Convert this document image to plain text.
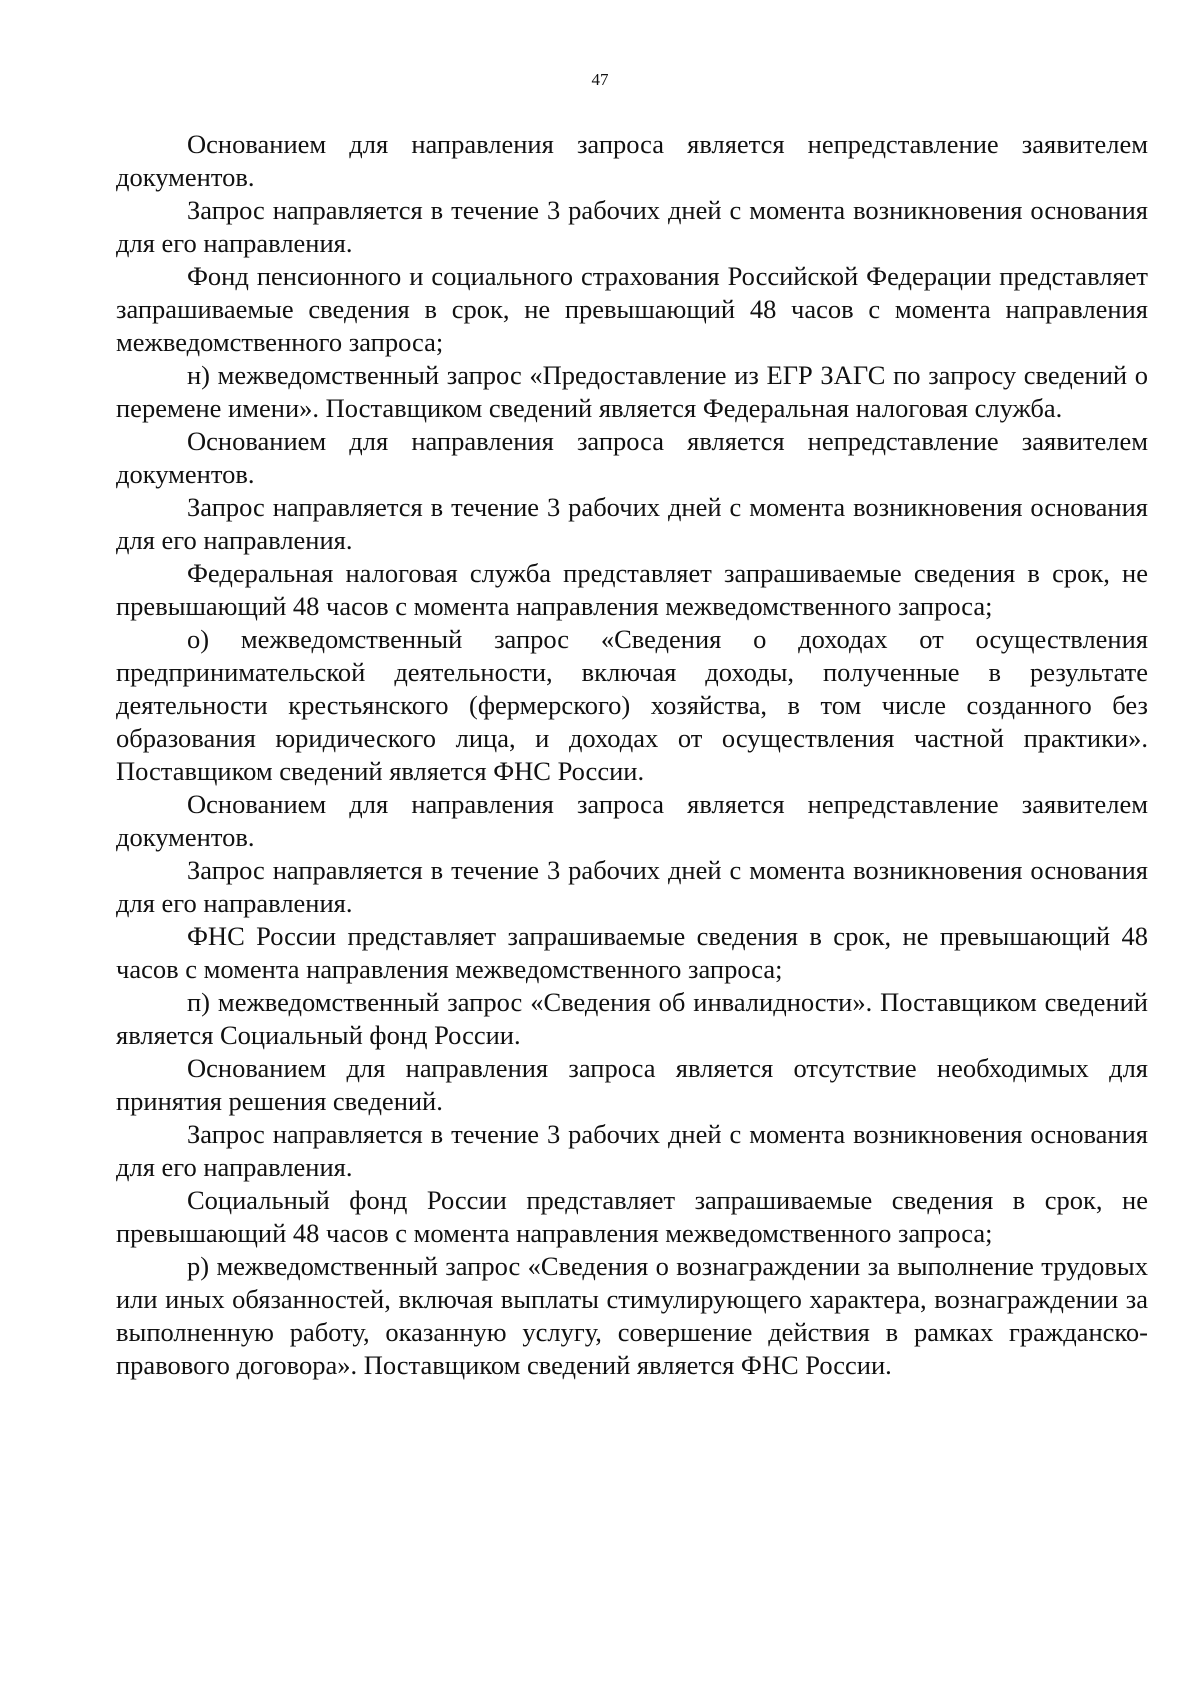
47

Основанием для направления запроса является непредставление заявителем документов.

Запрос направляется в течение 3 рабочих дней с момента возникновения основания для его направления.

Фонд пенсионного и социального страхования Российской Федерации представляет запрашиваемые сведения в срок, не превышающий 48 часов с момента направления межведомственного запроса;

н) межведомственный запрос «Предоставление из ЕГР ЗАГС по запросу сведений о перемене имени». Поставщиком сведений является Федеральная налоговая служба.

Основанием для направления запроса является непредставление заявителем документов.

Запрос направляется в течение 3 рабочих дней с момента возникновения основания для его направления.

Федеральная налоговая служба представляет запрашиваемые сведения в срок, не превышающий 48 часов с момента направления межведомственного запроса;

о) межведомственный запрос «Сведения о доходах от осуществления предпринимательской деятельности, включая доходы, полученные в результате деятельности крестьянского (фермерского) хозяйства, в том числе созданного без образования юридического лица, и доходах от осуществления частной практики». Поставщиком сведений является ФНС России.

Основанием для направления запроса является непредставление заявителем документов.

Запрос направляется в течение 3 рабочих дней с момента возникновения основания для его направления.

ФНС России представляет запрашиваемые сведения в срок, не превышающий 48 часов с момента направления межведомственного запроса;

п) межведомственный запрос «Сведения об инвалидности». Поставщиком сведений является Социальный фонд России.

Основанием для направления запроса является отсутствие необходимых для принятия решения сведений.

Запрос направляется в течение 3 рабочих дней с момента возникновения основания для его направления.

Социальный фонд России представляет запрашиваемые сведения в срок, не превышающий 48 часов с момента направления межведомственного запроса;

р) межведомственный запрос «Сведения о вознаграждении за выполнение трудовых или иных обязанностей, включая выплаты стимулирующего характера, вознаграждении за выполненную работу, оказанную услугу, совершение действия в рамках гражданско-правового договора». Поставщиком сведений является ФНС России.
